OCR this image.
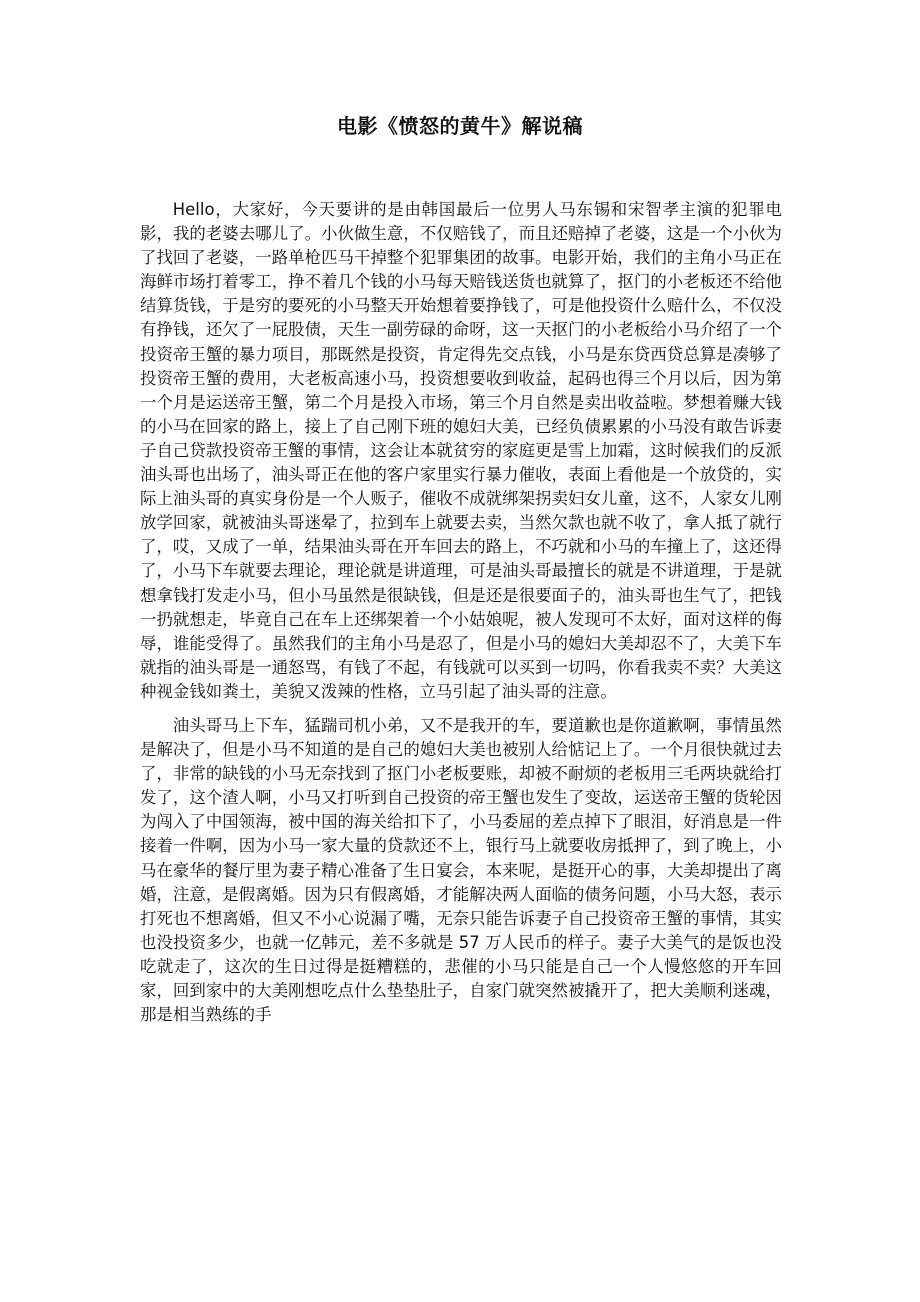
电影《愤怒的黄牛》解说稿

Hello，大家好，今天要讲的是由韩国最后一位男人马东锡和宋智孝主演的犯罪电影，我的老婆去哪儿了。小伙做生意，不仅赔钱了，而且还赔掉了老婆，这是一个小伙为了找回了老婆，一路单枪匹马干掉整个犯罪集团的故事。电影开始，我们的主角小马正在海鲜市场打着零工，挣不着几个钱的小马每天赔钱送货也就算了，抠门的小老板还不给他结算货钱，于是穷的要死的小马整天开始想着要挣钱了，可是他投资什么赔什么，不仅没有挣钱，还欠了一屁股债，天生一副劳碌的命呀，这一天抠门的小老板给小马介绍了一个投资帝王蟹的暴力项目，那既然是投资，肯定得先交点钱，小马是东贷西贷总算是凑够了投资帝王蟹的费用，大老板高速小马，投资想要收到收益，起码也得三个月以后，因为第一个月是运送帝王蟹，第二个月是投入市场，第三个月自然是卖出收益啦。梦想着赚大钱的小马在回家的路上，接上了自己刚下班的媳妇大美，已经负债累累的小马没有敢告诉妻子自己贷款投资帝王蟹的事情，这会让本就贫穷的家庭更是雪上加霜，这时候我们的反派油头哥也出场了，油头哥正在他的客户家里实行暴力催收，表面上看他是一个放贷的，实际上油头哥的真实身份是一个人贩子，催收不成就绑架拐卖妇女儿童，这不，人家女儿刚放学回家，就被油头哥迷晕了，拉到车上就要去卖，当然欠款也就不收了，拿人抵了就行了，哎，又成了一单，结果油头哥在开车回去的路上，不巧就和小马的车撞上了，这还得了，小马下车就要去理论，理论就是讲道理，可是油头哥最擅长的就是不讲道理，于是就想拿钱打发走小马，但小马虽然是很缺钱，但是还是很要面子的，油头哥也生气了，把钱一扔就想走，毕竟自己在车上还绑架着一个小姑娘呢，被人发现可不太好，面对这样的侮辱，谁能受得了。虽然我们的主角小马是忍了，但是小马的媳妇大美却忍不了，大美下车就指的油头哥是一通怒骂，有钱了不起，有钱就可以买到一切吗，你看我卖不卖？大美这种视金钱如粪土，美貌又泼辣的性格，立马引起了油头哥的注意。

油头哥马上下车，猛踹司机小弟，又不是我开的车，要道歉也是你道歉啊，事情虽然是解决了，但是小马不知道的是自己的媳妇大美也被别人给惦记上了。一个月很快就过去了，非常的缺钱的小马无奈找到了抠门小老板要账，却被不耐烦的老板用三毛两块就给打发了，这个渣人啊，小马又打听到自己投资的帝王蟹也发生了变故，运送帝王蟹的货轮因为闯入了中国领海，被中国的海关给扣下了，小马委屈的差点掉下了眼泪，好消息是一件接着一件啊，因为小马一家大量的贷款还不上，银行马上就要收房抵押了，到了晚上，小马在豪华的餐厅里为妻子精心准备了生日宴会，本来呢，是挺开心的事，大美却提出了离婚，注意，是假离婚。因为只有假离婚，才能解决两人面临的债务问题，小马大怒，表示打死也不想离婚，但又不小心说漏了嘴，无奈只能告诉妻子自己投资帝王蟹的事情，其实也没投资多少，也就一亿韩元，差不多就是 57 万人民币的样子。妻子大美气的是饭也没吃就走了，这次的生日过得是挺糟糕的，悲催的小马只能是自己一个人慢悠悠的开车回家，回到家中的大美刚想吃点什么垫垫肚子，自家门就突然被撬开了，把大美顺利迷魂，那是相当熟练的手
